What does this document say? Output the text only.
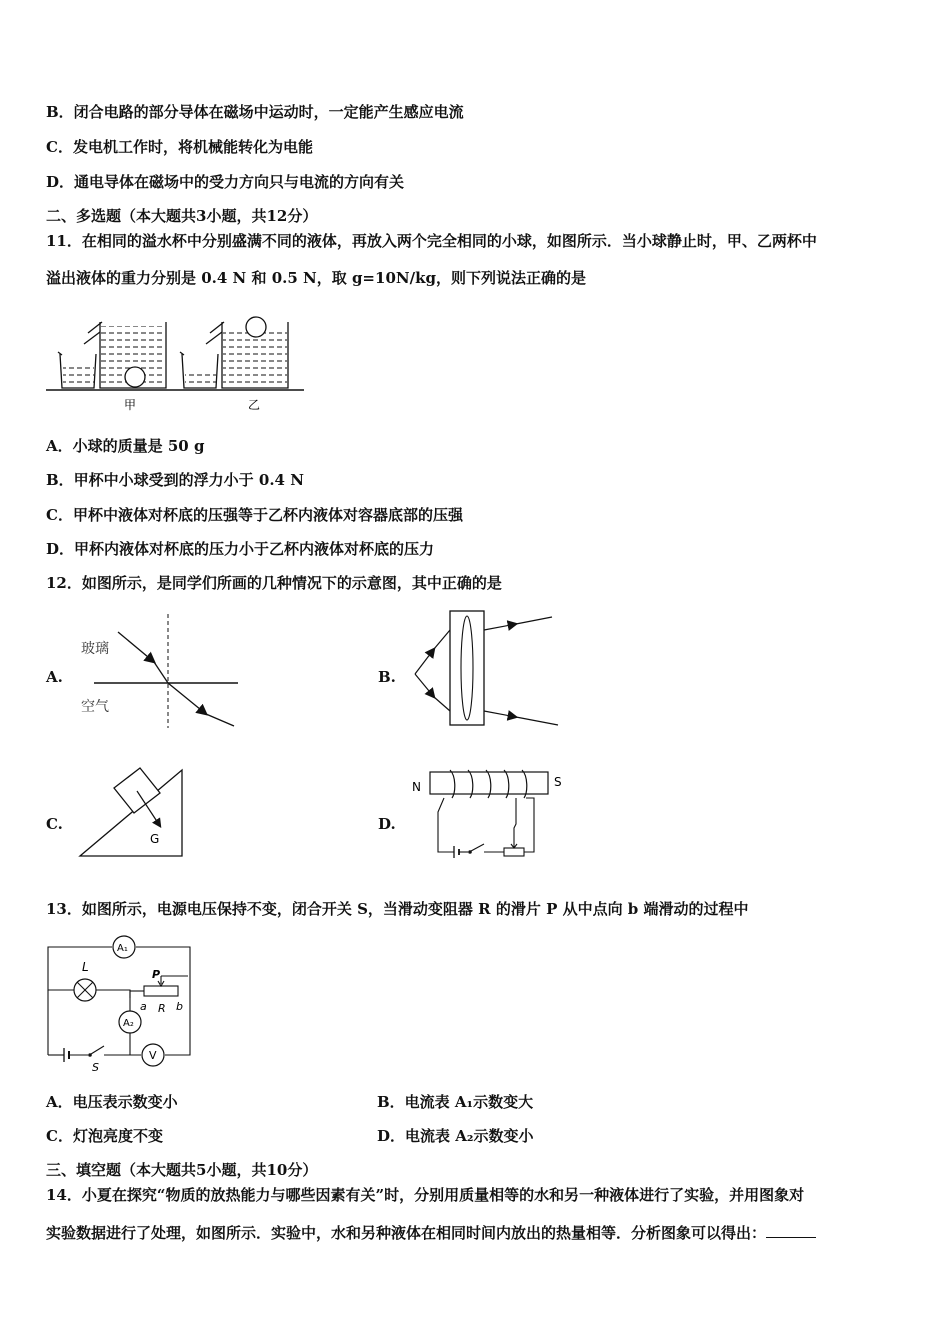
B．闭合电路的部分导体在磁场中运动时，一定能产生感应电流
C．发电机工作时，将机械能转化为电能
D．通电导体在磁场中的受力方向只与电流的方向有关
二、多选题（本大题共3小题，共12分）
11．在相同的溢水杯中分别盛满不同的液体，再放入两个完全相同的小球，如图所示．当小球静止时，甲、乙两杯中
溢出液体的重力分别是 0.4 N 和 0.5 N，取 g=10N/kg，则下列说法正确的是
甲	乙
A．小球的质量是 50 g
B．甲杯中小球受到的浮力小于 0.4 N
C．甲杯中液体对杯底的压强等于乙杯内液体对容器底部的压强
D．甲杯内液体对杯底的压力小于乙杯内液体对杯底的压力
12．如图所示，是同学们所画的几种情况下的示意图，其中正确的是
A.
玻璃
空气
B.
C.
G
D.
N	S
13．如图所示，电源电压保持不变，闭合开关 S，当滑动变阻器 R 的滑片 P 从中点向 b 端滑动的过程中
A₁
L
P
a R b
A₂
V
S
A．电压表示数变小	B．电流表 A₁示数变大
C．灯泡亮度不变	D．电流表 A₂示数变小
三、填空题（本大题共5小题，共10分）
14．小夏在探究“物质的放热能力与哪些因素有关”时，分别用质量相等的水和另一种液体进行了实验，并用图象对
实验数据进行了处理，如图所示．实验中，水和另种液体在相同时间内放出的热量相等．分析图象可以得出：
